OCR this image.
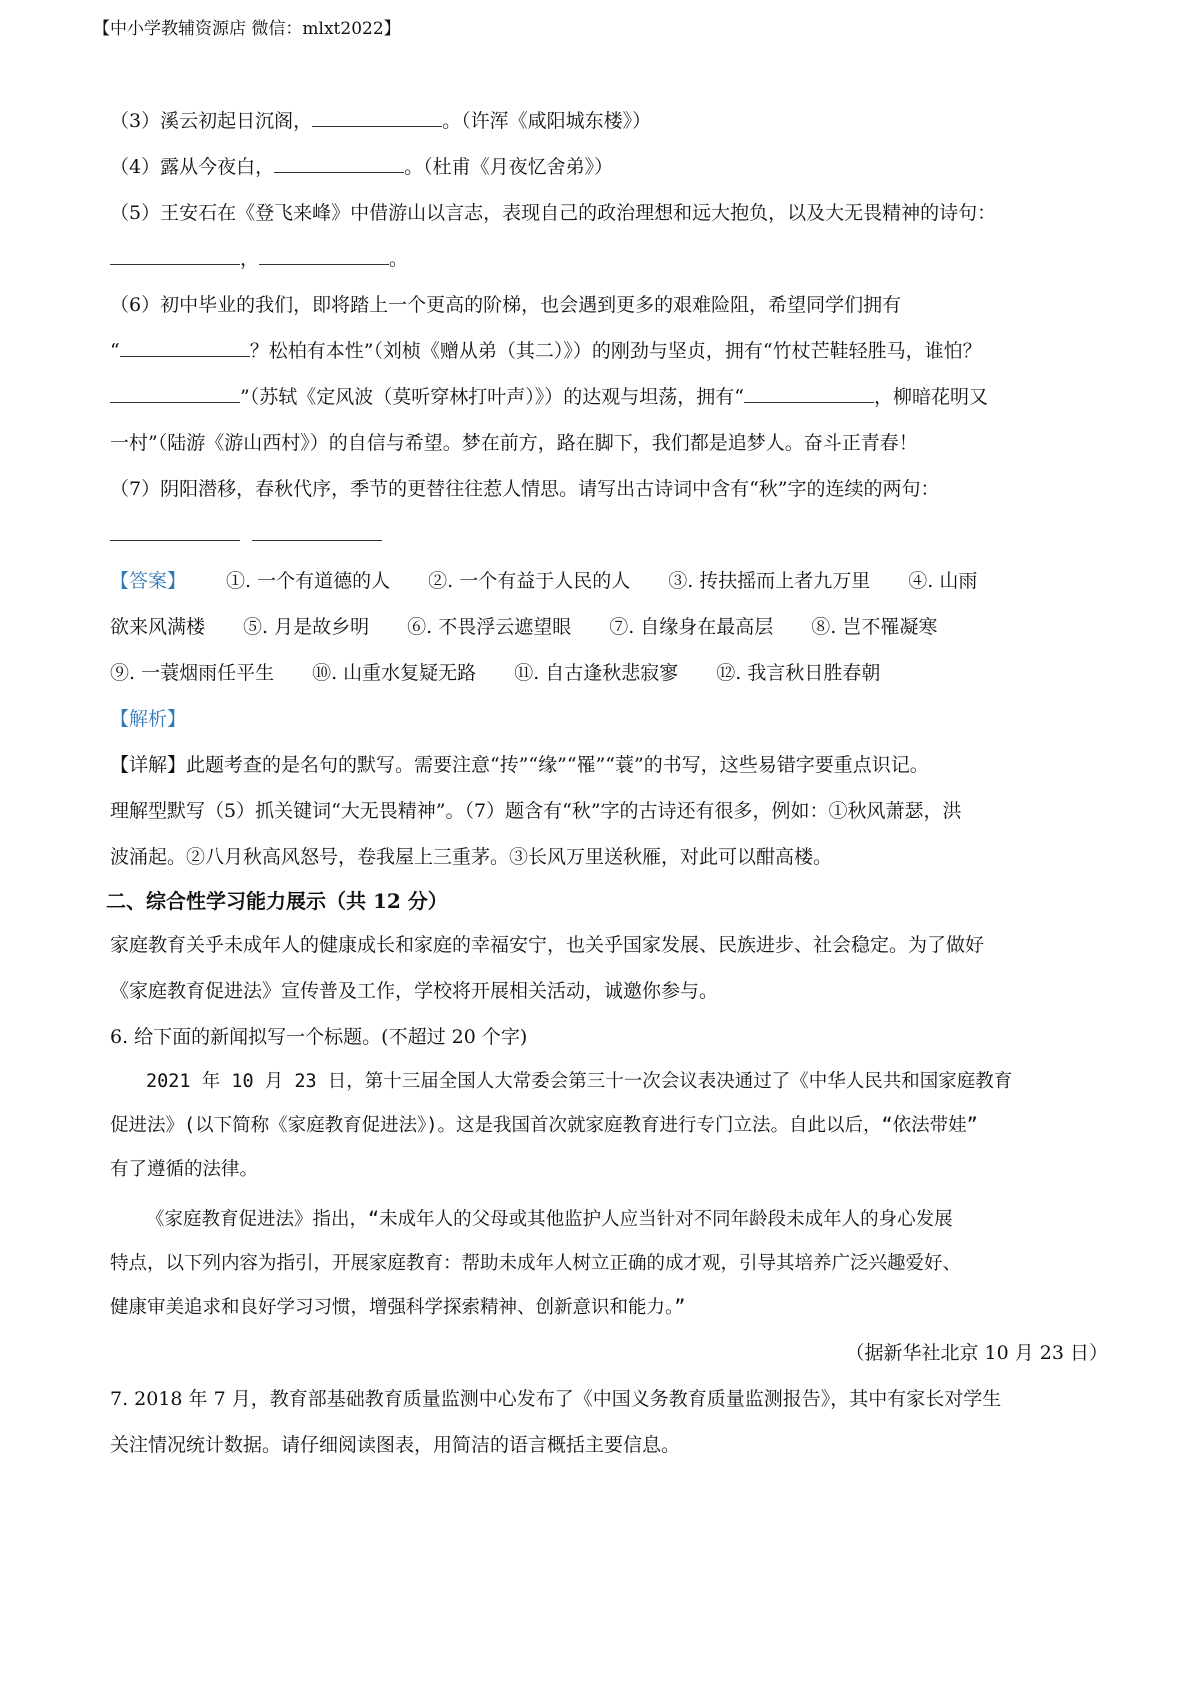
【中小学教辅资源店 微信：mlxt2022】
（3）溪云初起日沉阁，	。（许浑《咸阳城东楼》）
（4）露从今夜白，	。（杜甫《月夜忆舍弟》）
（5）王安石在《登飞来峰》中借游山以言志，表现自己的政治理想和远大抱负，以及大无畏精神的诗句：
，	。
（6）初中毕业的我们，即将踏上一个更高的阶梯，也会遇到更多的艰难险阻，希望同学们拥有
“	？松柏有本性”（刘桢《赠从弟（其二）》）的刚劲与坚贞，拥有“竹杖芒鞋轻胜马，谁怕？
”（苏轼《定风波（莫听穿林打叶声）》）的达观与坦荡，拥有“	，柳暗花明又
一村”（陆游《游山西村》）的自信与希望。梦在前方，路在脚下，我们都是追梦人。奋斗正青春！
（7）阴阳潜移，春秋代序，季节的更替往往惹人情思。请写出古诗词中含有“秋”字的连续的两句：

【答案】 ①. 一个有道德的人 ②. 一个有益于人民的人 ③. 抟扶摇而上者九万里 ④. 山雨
欲来风满楼 ⑤. 月是故乡明 ⑥. 不畏浮云遮望眼 ⑦. 自缘身在最高层 ⑧. 岂不罹凝寒
⑨. 一蓑烟雨任平生 ⑩. 山重水复疑无路 ⑪. 自古逢秋悲寂寥 ⑫. 我言秋日胜春朝
【解析】
【详解】此题考查的是名句的默写。需要注意“抟”“缘”“罹”“蓑”的书写，这些易错字要重点识记。
理解型默写（5）抓关键词“大无畏精神”。（7）题含有“秋”字的古诗还有很多，例如：①秋风萧瑟，洪
波涌起。②八月秋高风怒号，卷我屋上三重茅。③长风万里送秋雁，对此可以酣高楼。
二、综合性学习能力展示（共 12 分）
家庭教育关乎未成年人的健康成长和家庭的幸福安宁，也关乎国家发展、民族进步、社会稳定。为了做好
《家庭教育促进法》宣传普及工作，学校将开展相关活动，诚邀你参与。
6. 给下面的新闻拟写一个标题。(不超过 20 个字)
2021 年 10 月 23 日，第十三届全国人大常委会第三十一次会议表决通过了《中华人民共和国家庭教育
促进法》(以下简称《家庭教育促进法》)。这是我国首次就家庭教育进行专门立法。自此以后，“依法带娃”
有了遵循的法律。
《家庭教育促进法》指出，“未成年人的父母或其他监护人应当针对不同年龄段未成年人的身心发展
特点，以下列内容为指引，开展家庭教育：帮助未成年人树立正确的成才观，引导其培养广泛兴趣爱好、
健康审美追求和良好学习习惯，增强科学探索精神、创新意识和能力。”
（据新华社北京 10 月 23 日）
7. 2018 年 7 月，教育部基础教育质量监测中心发布了《中国义务教育质量监测报告》，其中有家长对学生
关注情况统计数据。请仔细阅读图表，用简洁的语言概括主要信息。
